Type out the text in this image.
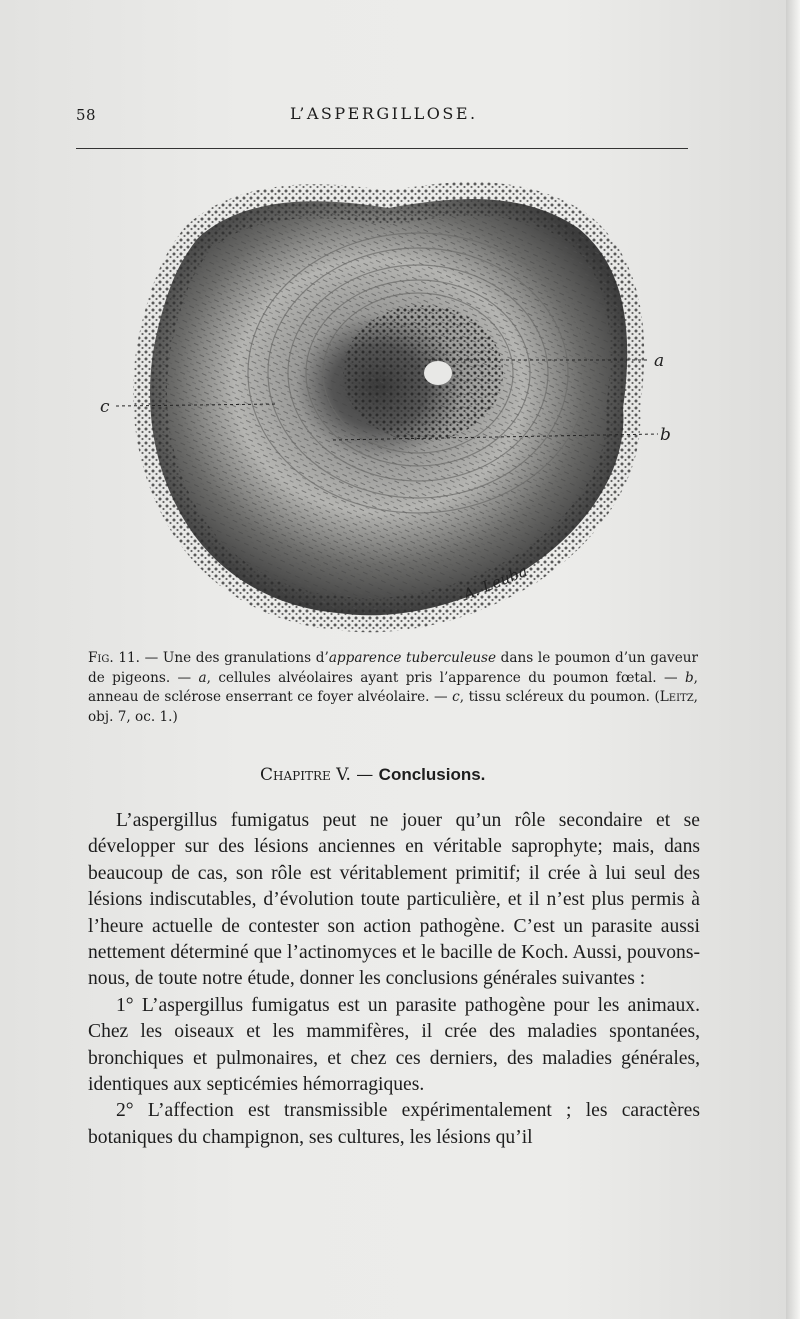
58	L’ASPERGILLOSE.
A. Leuba
a
b
c
Fig. 11. — Une des granulations d’apparence tuberculeuse dans le poumon d’un gaveur de pigeons. — a, cellules alvéolaires ayant pris l’apparence du poumon fœtal. — b, anneau de sclérose enserrant ce foyer alvéolaire. — c, tissu scléreux du poumon. (Leitz, obj. 7, oc. 1.)
Chapitre V. — Conclusions.

L’aspergillus fumigatus peut ne jouer qu’un rôle secondaire et se développer sur des lésions anciennes en véritable saprophyte; mais, dans beaucoup de cas, son rôle est véritablement primitif; il crée à lui seul des lésions indiscutables, d’évolution toute particulière, et il n’est plus permis à l’heure actuelle de contester son action pathogène. C’est un parasite aussi nettement déterminé que l’actinomyces et le bacille de Koch. Aussi, pouvons-nous, de toute notre étude, donner les conclusions générales suivantes :

1° L’aspergillus fumigatus est un parasite pathogène pour les animaux. Chez les oiseaux et les mammifères, il crée des maladies spontanées, bronchiques et pulmonaires, et chez ces derniers, des maladies générales, identiques aux septicémies hémorragiques.

2° L’affection est transmissible expérimentalement ; les caractères botaniques du champignon, ses cultures, les lésions qu’il
